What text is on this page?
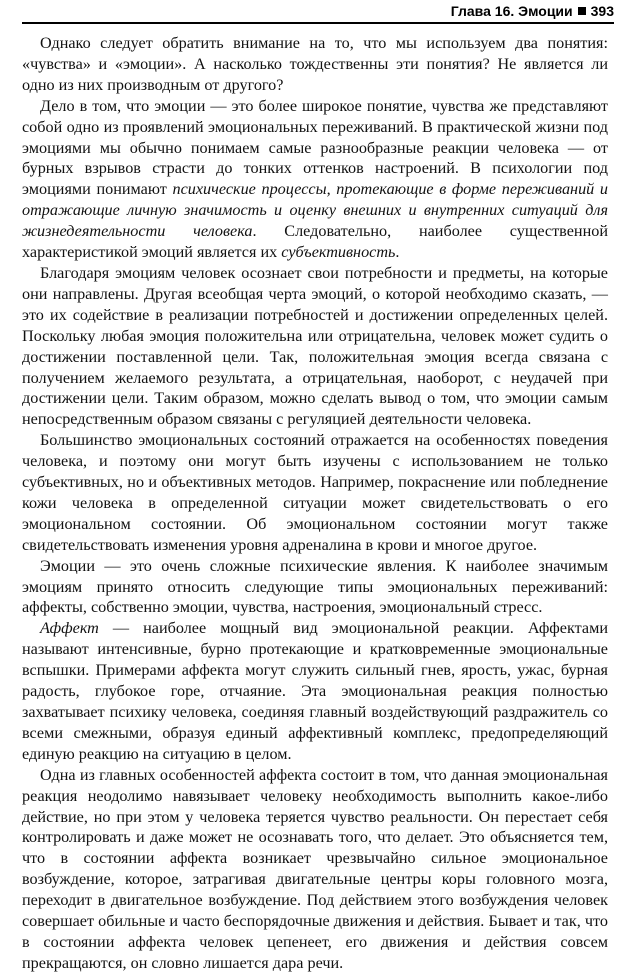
Глава 16. Эмоции 393

Однако следует обратить внимание на то, что мы используем два понятия: «чувства» и «эмоции». А насколько тождественны эти понятия? Не является ли одно из них производным от другого?

Дело в том, что эмоции — это более широкое понятие, чувства же представляют собой одно из проявлений эмоциональных переживаний. В практической жизни под эмоциями мы обычно понимаем самые разнообразные реакции человека — от бурных взрывов страсти до тонких оттенков настроений. В психологии под эмоциями понимают психические процессы, протекающие в форме переживаний и отражающие личную значимость и оценку внешних и внутренних ситуаций для жизнедеятельности человека. Следовательно, наиболее существенной характеристикой эмоций является их субъективность.

Благодаря эмоциям человек осознает свои потребности и предметы, на которые они направлены. Другая всеобщая черта эмоций, о которой необходимо сказать, — это их содействие в реализации потребностей и достижении определенных целей. Поскольку любая эмоция положительна или отрицательна, человек может судить о достижении поставленной цели. Так, положительная эмоция всегда связана с получением желаемого результата, а отрицательная, наоборот, с неудачей при достижении цели. Таким образом, можно сделать вывод о том, что эмоции самым непосредственным образом связаны с регуляцией деятельности человека.

Большинство эмоциональных состояний отражается на особенностях поведения человека, и поэтому они могут быть изучены с использованием не только субъективных, но и объективных методов. Например, покраснение или побледнение кожи человека в определенной ситуации может свидетельствовать о его эмоциональном состоянии. Об эмоциональном состоянии могут также свидетельствовать изменения уровня адреналина в крови и многое другое.

Эмоции — это очень сложные психические явления. К наиболее значимым эмоциям принято относить следующие типы эмоциональных переживаний: аффекты, собственно эмоции, чувства, настроения, эмоциональный стресс.

Аффект — наиболее мощный вид эмоциональной реакции. Аффектами называют интенсивные, бурно протекающие и кратковременные эмоциональные вспышки. Примерами аффекта могут служить сильный гнев, ярость, ужас, бурная радость, глубокое горе, отчаяние. Эта эмоциональная реакция полностью захватывает психику человека, соединяя главный воздействующий раздражитель со всеми смежными, образуя единый аффективный комплекс, предопределяющий единую реакцию на ситуацию в целом.

Одна из главных особенностей аффекта состоит в том, что данная эмоциональная реакция неодолимо навязывает человеку необходимость выполнить какое-либо действие, но при этом у человека теряется чувство реальности. Он перестает себя контролировать и даже может не осознавать того, что делает. Это объясняется тем, что в состоянии аффекта возникает чрезвычайно сильное эмоциональное возбуждение, которое, затрагивая двигательные центры коры головного мозга, переходит в двигательное возбуждение. Под действием этого возбуждения человек совершает обильные и часто беспорядочные движения и действия. Бывает и так, что в состоянии аффекта человек цепенеет, его движения и действия совсем прекращаются, он словно лишается дара речи.
